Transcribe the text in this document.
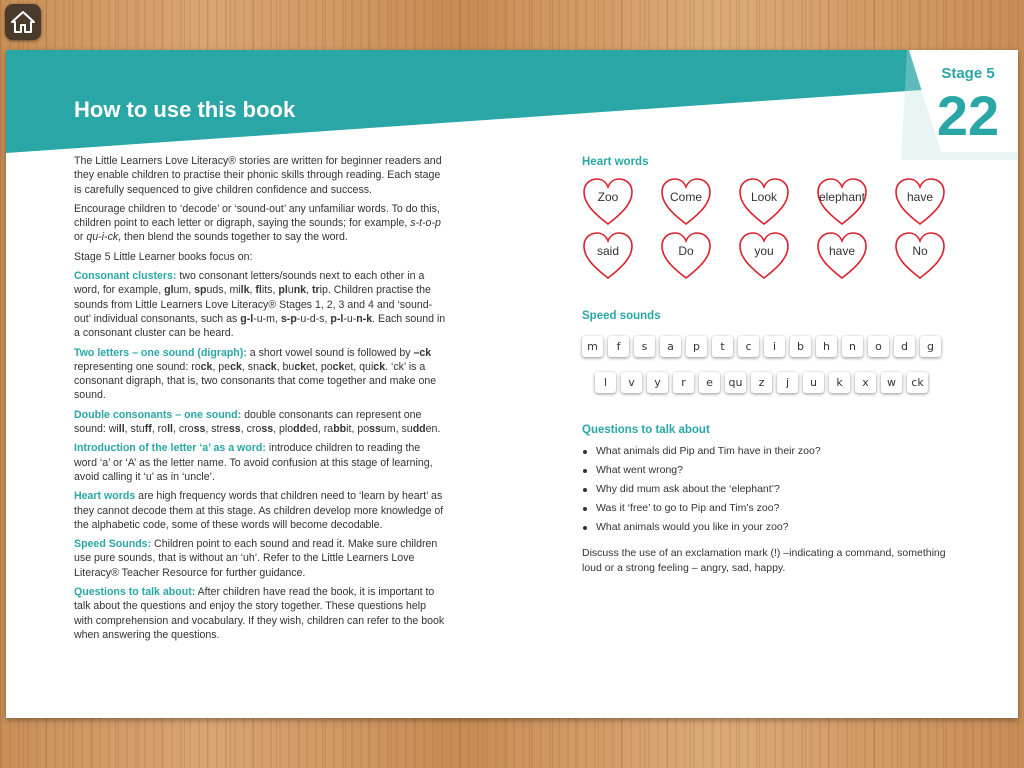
How to use this book
Stage 5
22

The Little Learners Love Literacy® stories are written for beginner readers and they enable children to practise their phonic skills through reading. Each stage is carefully sequenced to give children confidence and success.

Encourage children to ‘decode’ or ‘sound-out’ any unfamiliar words. To do this, children point to each letter or digraph, saying the sounds; for example, s-t-o-p or qu-i-ck, then blend the sounds together to say the word.

Stage 5 Little Learner books focus on:

Consonant clusters: two consonant letters/sounds next to each other in a word, for example, glum, spuds, milk, flits, plunk, trip. Children practise the sounds from Little Learners Love Literacy® Stages 1, 2, 3 and 4 and ‘sound-out’ individual consonants, such as g-l-u-m, s-p-u-d-s, p-l-u-n-k. Each sound in a consonant cluster can be heard.

Two letters – one sound (digraph): a short vowel sound is followed by –ck representing one sound: rock, peck, snack, bucket, pocket, quick. ‘ck’ is a consonant digraph, that is, two consonants that come together and make one sound.

Double consonants – one sound: double consonants can represent one sound: will, stuff, roll, cross, stress, cross, plodded, rabbit, possum, sudden.

Introduction of the letter ‘a’ as a word: introduce children to reading the word ‘a’ or ‘A’ as the letter name. To avoid confusion at this stage of learning, avoid calling it ‘u’ as in ‘uncle’.

Heart words are high frequency words that children need to ‘learn by heart’ as they cannot decode them at this stage. As children develop more knowledge of the alphabetic code, some of these words will become decodable.

Speed Sounds: Children point to each sound and read it. Make sure children use pure sounds, that is without an ‘uh’. Refer to the Little Learners Love Literacy® Teacher Resource for further guidance.

Questions to talk about: After children have read the book, it is important to talk about the questions and enjoy the story together. These questions help with comprehension and vocabulary. If they wish, children can refer to the book when answering the questions.

Heart words
Zoo	Come	Look	elephant	have
said	Do	you	have	No
Speed sounds
m	f	s	a	p	t	c	i	b	h	n	o	d	g
l	v	y	r	e	qu	z	j	u	k	x	w	ck
Questions to talk about
What animals did Pip and Tim have in their zoo?
What went wrong?
Why did mum ask about the ‘elephant’?
Was it ‘free’ to go to Pip and Tim’s zoo?
What animals would you like in your zoo?

Discuss the use of an exclamation mark (!) –indicating a command, something loud or a strong feeling – angry, sad, happy.
